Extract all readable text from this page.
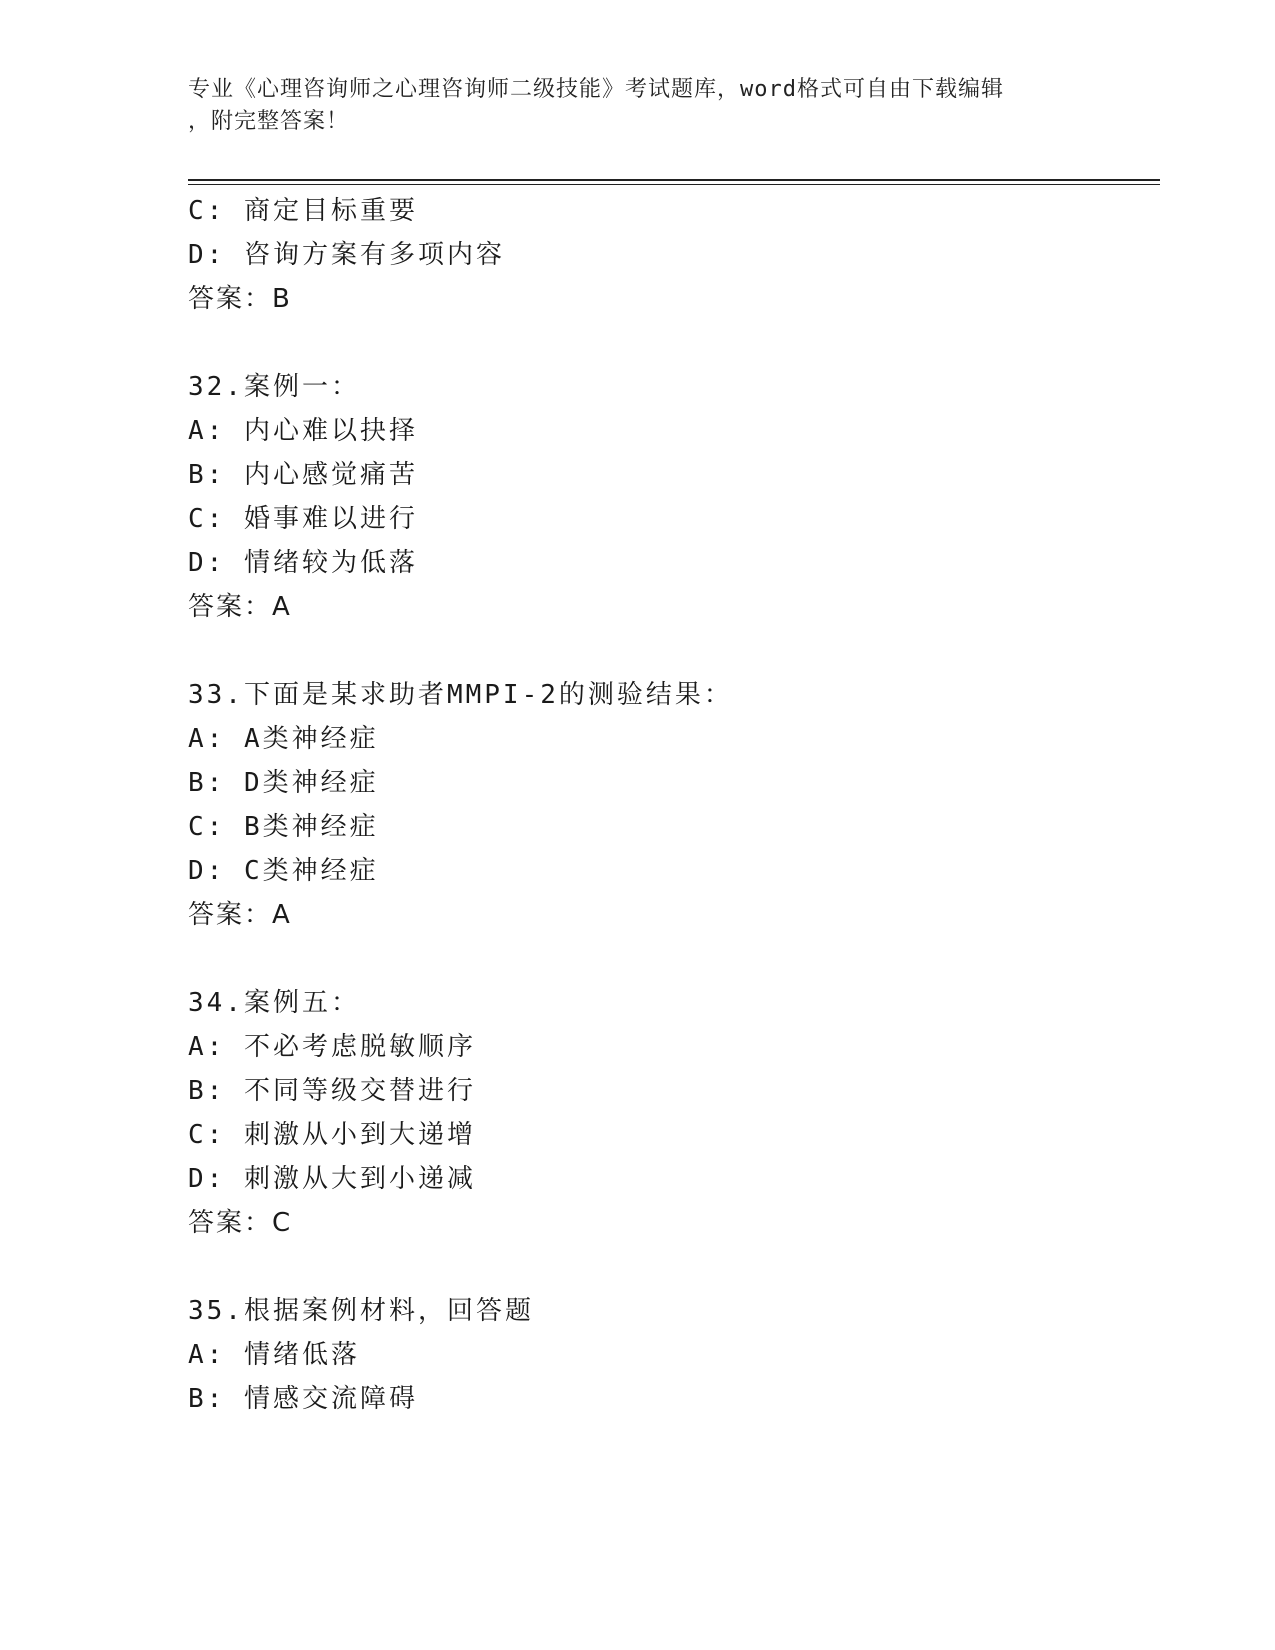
专业《心理咨询师之心理咨询师二级技能》考试题库，word格式可自由下载编辑
，附完整答案！
C: 商定目标重要
D: 咨询方案有多项内容
答案：B
32.案例一：
A: 内心难以抉择
B: 内心感觉痛苦
C: 婚事难以进行
D: 情绪较为低落
答案：A
33.下面是某求助者MMPI-2的测验结果：
A: A类神经症
B: D类神经症
C: B类神经症
D: C类神经症
答案：A
34.案例五：
A: 不必考虑脱敏顺序
B: 不同等级交替进行
C: 刺激从小到大递增
D: 刺激从大到小递减
答案：C
35.根据案例材料，回答题
A: 情绪低落
B: 情感交流障碍
